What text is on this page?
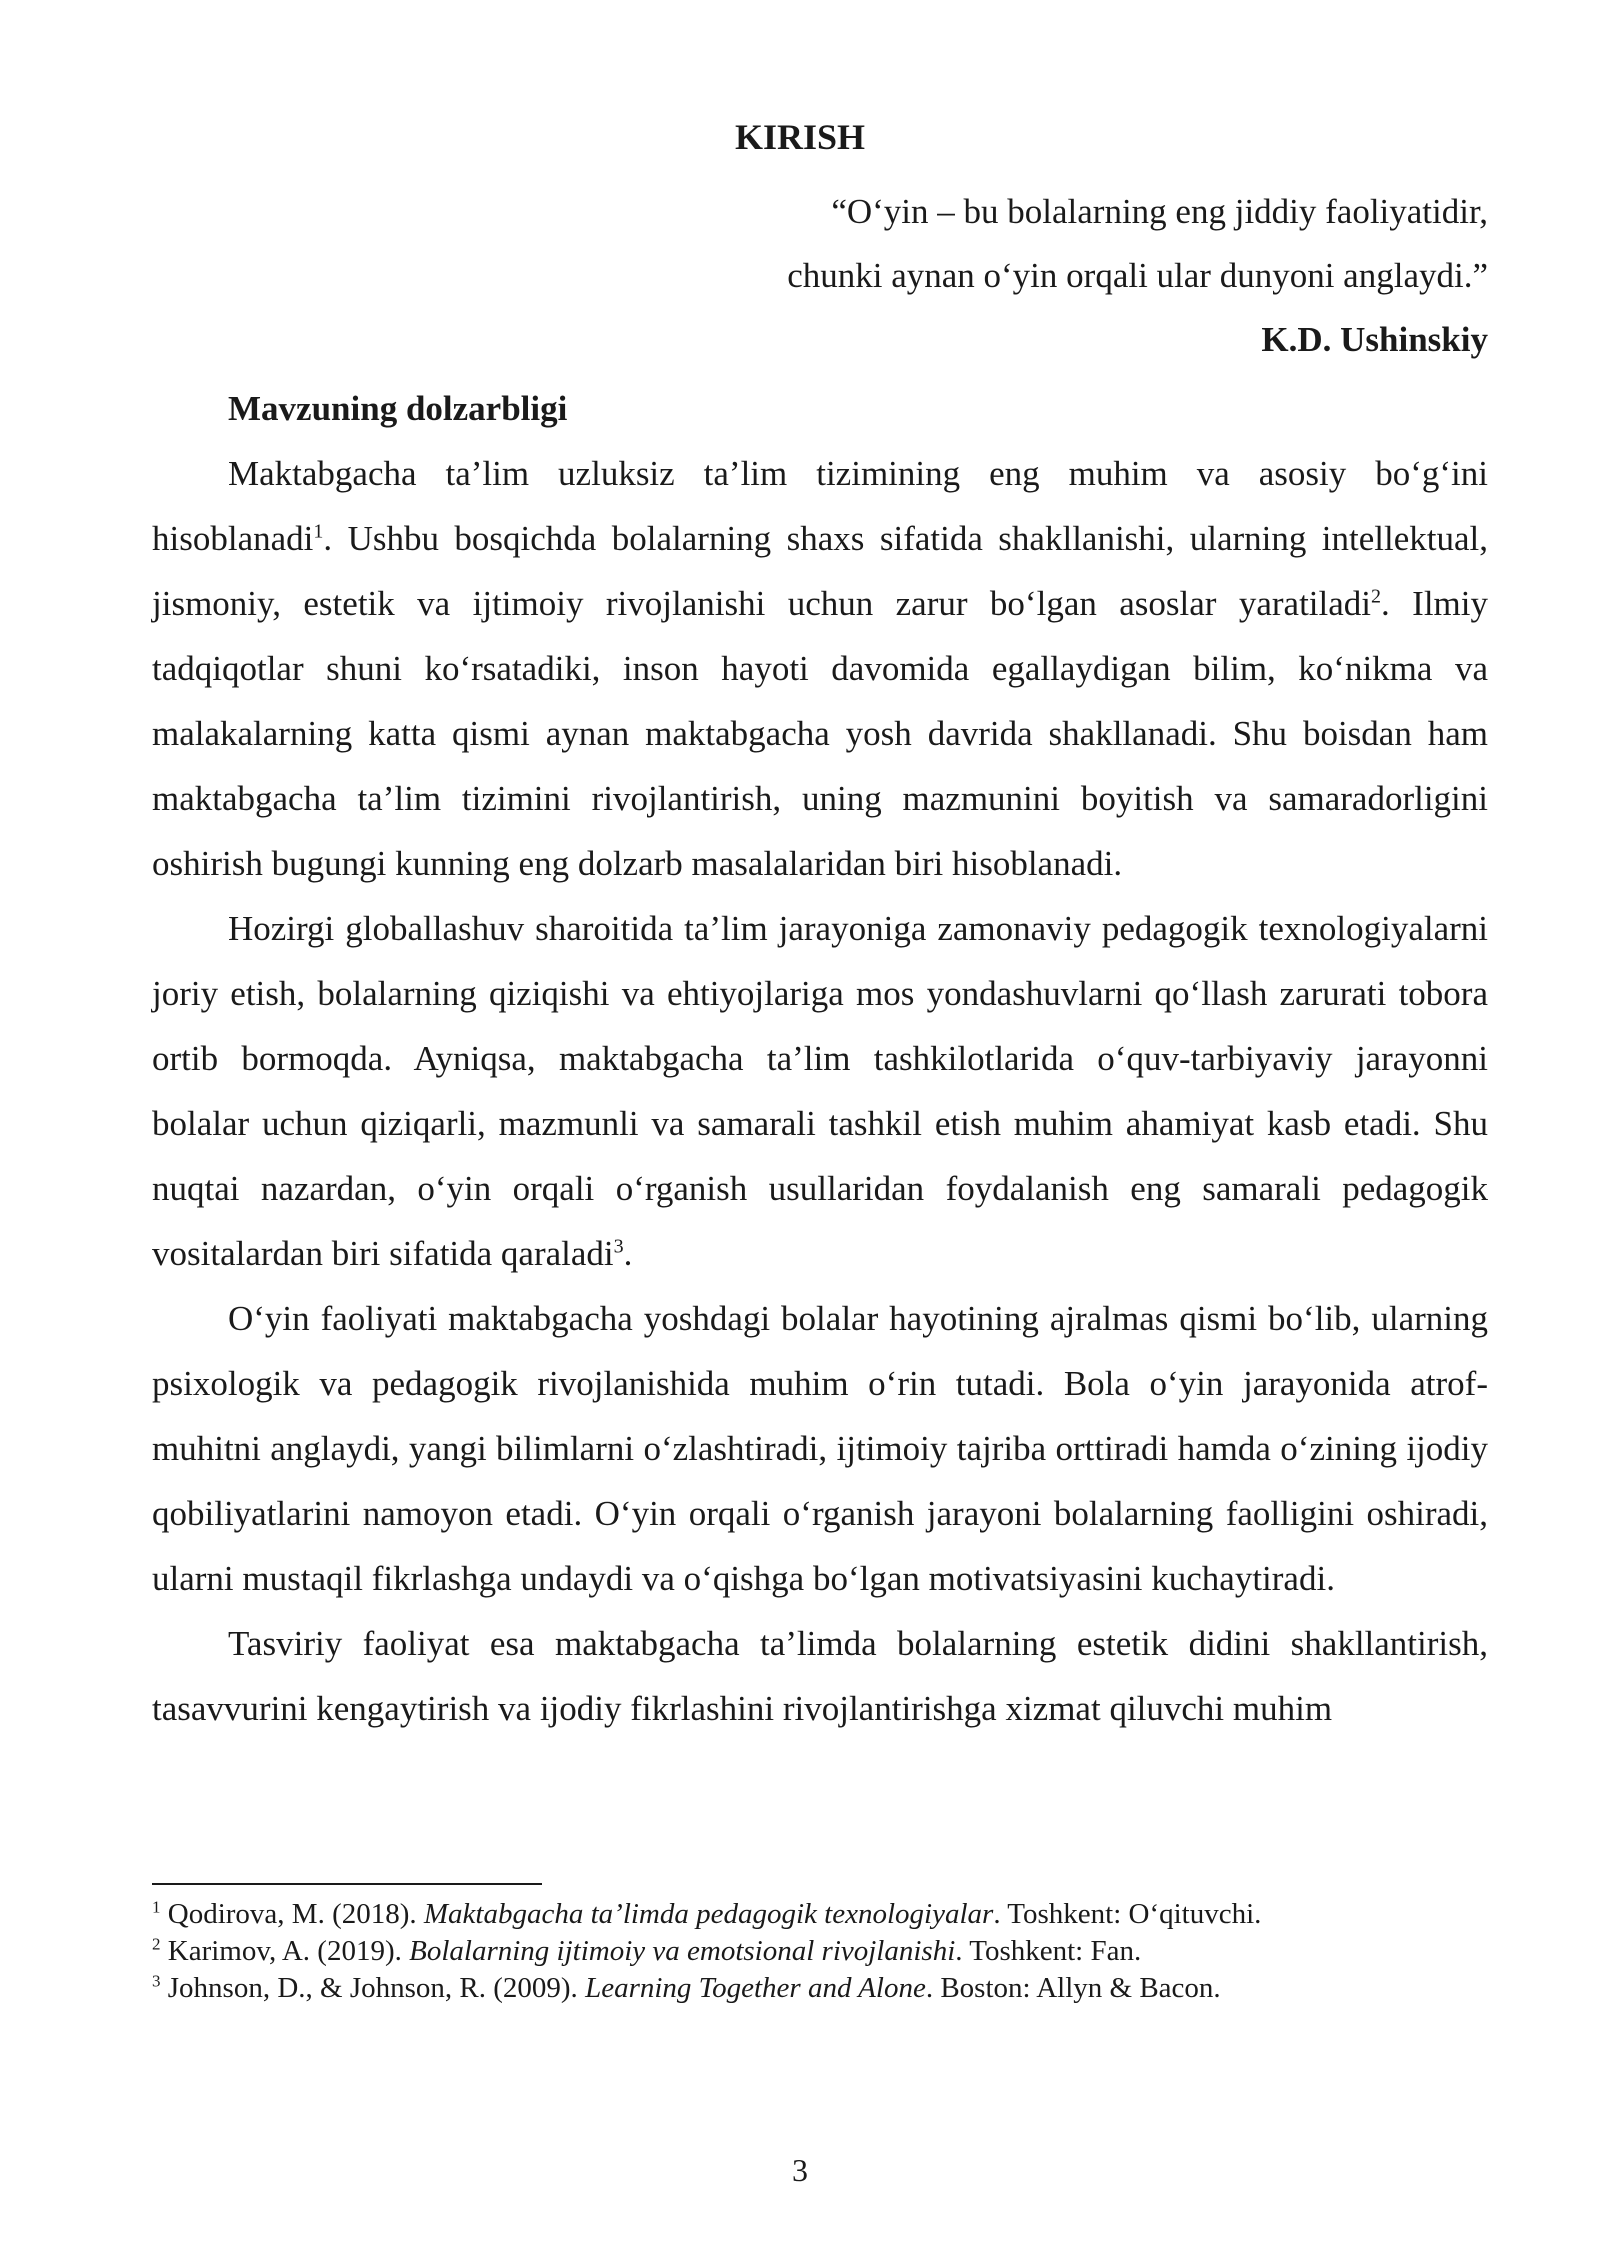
KIRISH
“Oʻyin – bu bolalarning eng jiddiy faoliyatidir,
chunki aynan oʻyin orqali ular dunyoni anglaydi.”
K.D. Ushinskiy
Mavzuning dolzarbligi

Maktabgacha ta’lim uzluksiz ta’lim tizimining eng muhim va asosiy boʻgʻini hisoblanadi$^1$. Ushbu bosqichda bolalarning shaxs sifatida shakllanishi, ularning intellektual, jismoniy, estetik va ijtimoiy rivojlanishi uchun zarur boʻlgan asoslar yaratiladi$^2$. Ilmiy tadqiqotlar shuni koʻrsatadiki, inson hayoti davomida egallaydigan bilim, koʻnikma va malakalarning katta qismi aynan maktabgacha yosh davrida shakllanadi. Shu boisdan ham maktabgacha ta’lim tizimini rivojlantirish, uning mazmunini boyitish va samaradorligini oshirish bugungi kunning eng dolzarb masalalaridan biri hisoblanadi.

Hozirgi globallashuv sharoitida ta’lim jarayoniga zamonaviy pedagogik texnologiyalarni joriy etish, bolalarning qiziqishi va ehtiyojlariga mos yondashuvlarni qoʻllash zarurati tobora ortib bormoqda. Ayniqsa, maktabgacha ta’lim tashkilotlarida oʻquv-tarbiyaviy jarayonni bolalar uchun qiziqarli, mazmunli va samarali tashkil etish muhim ahamiyat kasb etadi. Shu nuqtai nazardan, oʻyin orqali oʻrganish usullaridan foydalanish eng samarali pedagogik vositalardan biri sifatida qaraladi$^3$.

Oʻyin faoliyati maktabgacha yoshdagi bolalar hayotining ajralmas qismi boʻlib, ularning psixologik va pedagogik rivojlanishida muhim oʻrin tutadi. Bola oʻyin jarayonida atrof-muhitni anglaydi, yangi bilimlarni oʻzlashtiradi, ijtimoiy tajriba orttiradi hamda oʻzining ijodiy qobiliyatlarini namoyon etadi. Oʻyin orqali oʻrganish jarayoni bolalarning faolligini oshiradi, ularni mustaqil fikrlashga undaydi va oʻqishga boʻlgan motivatsiyasini kuchaytiradi.

Tasviriy faoliyat esa maktabgacha ta’limda bolalarning estetik didini shakllantirish, tasavvurini kengaytirish va ijodiy fikrlashini rivojlantirishga xizmat qiluvchi muhim

$^1$ Qodirova, M. (2018). Maktabgacha ta’limda pedagogik texnologiyalar. Toshkent: Oʻqituvchi.
$^2$ Karimov, A. (2019). Bolalarning ijtimoiy va emotsional rivojlanishi. Toshkent: Fan.
$^3$ Johnson, D., & Johnson, R. (2009). Learning Together and Alone. Boston: Allyn & Bacon.
3
